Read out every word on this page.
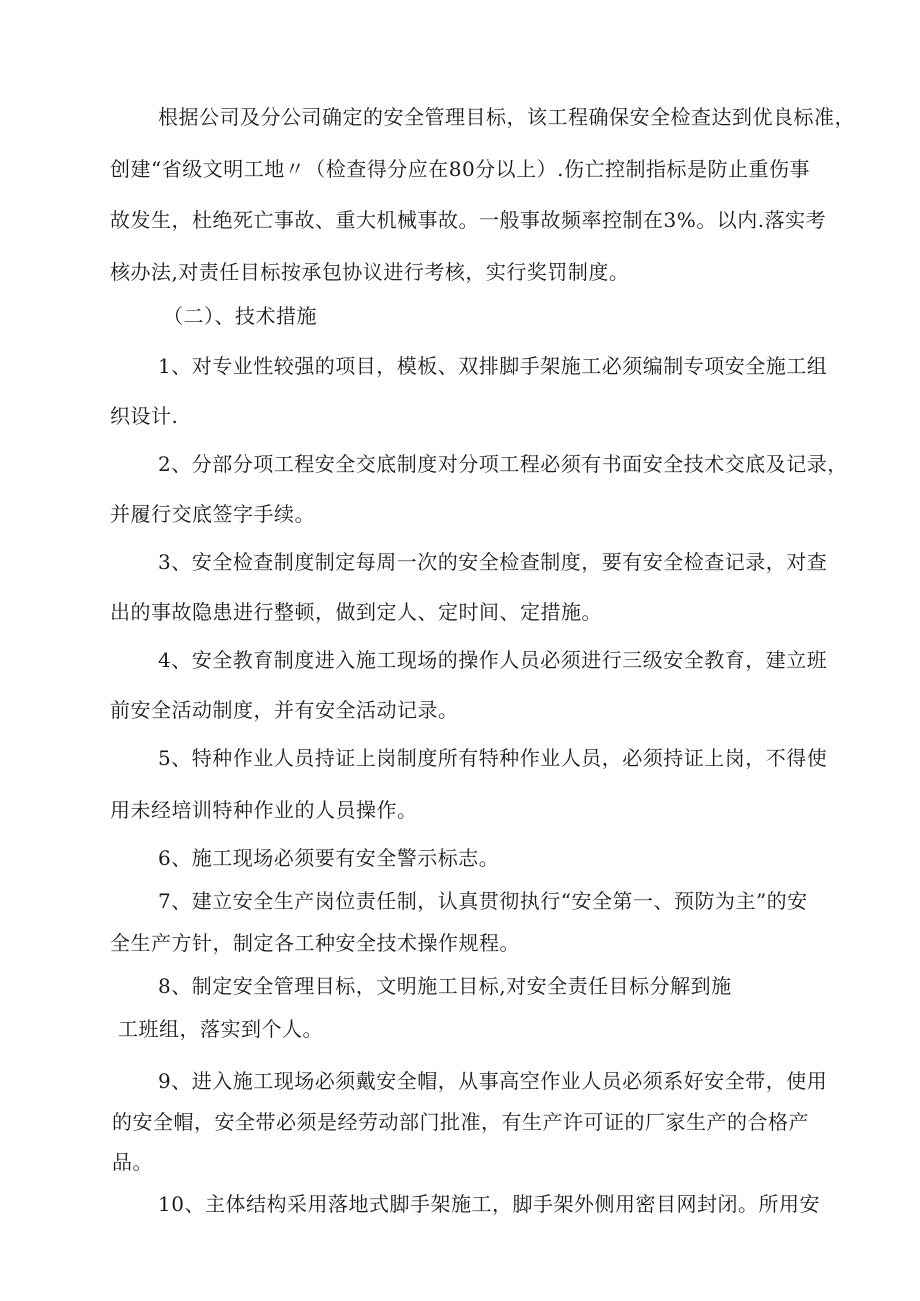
根据公司及分公司确定的安全管理目标，该工程确保安全检查达到优良标准，
创建“省级文明工地〃（检查得分应在80分以上）.伤亡控制指标是防止重伤事
故发生，杜绝死亡事故、重大机械事故。一般事故频率控制在3%。以内.落实考
核办法,对责任目标按承包协议进行考核，实行奖罚制度。
（二）、技术措施
1、对专业性较强的项目，模板、双排脚手架施工必须编制专项安全施工组
织设计.
2、分部分项工程安全交底制度对分项工程必须有书面安全技术交底及记录，
并履行交底签字手续。
3、安全检查制度制定每周一次的安全检查制度，要有安全检查记录，对查
出的事故隐患进行整顿，做到定人、定时间、定措施。
4、安全教育制度进入施工现场的操作人员必须进行三级安全教育，建立班
前安全活动制度，并有安全活动记录。
5、特种作业人员持证上岗制度所有特种作业人员，必须持证上岗，不得使
用未经培训特种作业的人员操作。
6、施工现场必须要有安全警示标志。
7、建立安全生产岗位责任制，认真贯彻执行“安全第一、预防为主”的安
全生产方针，制定各工种安全技术操作规程。
8、制定安全管理目标，文明施工目标,对安全责任目标分解到施
工班组，落实到个人。
9、进入施工现场必须戴安全帽，从事高空作业人员必须系好安全带，使用
的安全帽，安全带必须是经劳动部门批准，有生产许可证的厂家生产的合格产
品。
10、主体结构采用落地式脚手架施工，脚手架外侧用密目网封闭。所用安
